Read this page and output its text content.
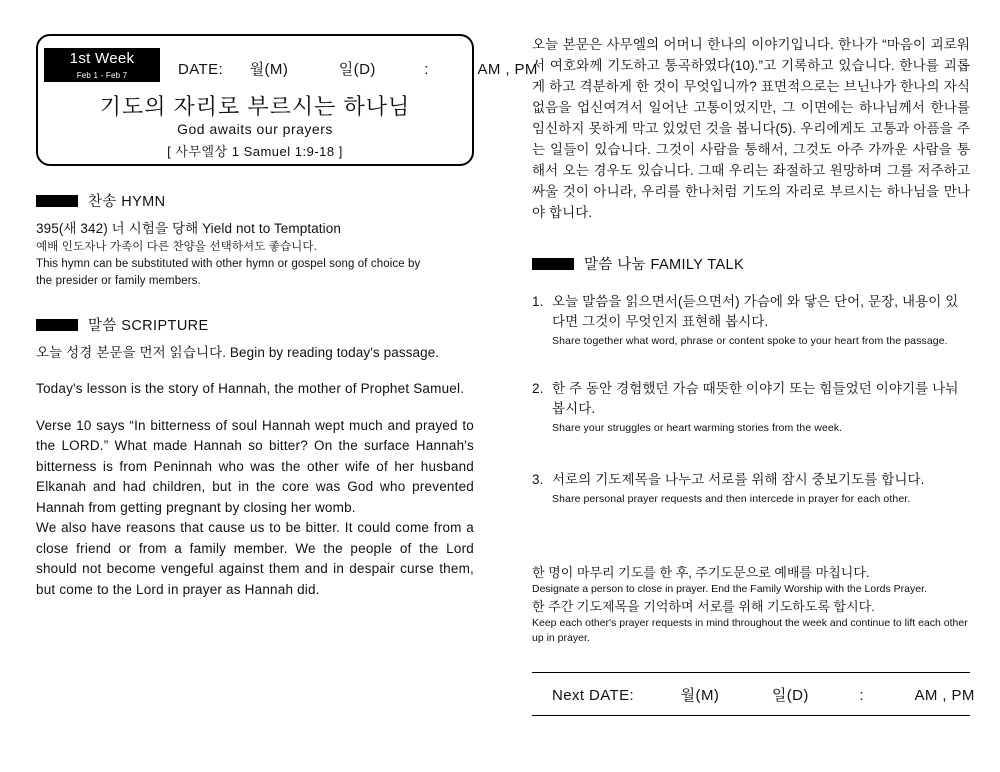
1st Week
Feb 1 - Feb 7	DATE: 월(M)	일(D)	:	AM , PM
기도의 자리로 부르시는 하나님
God awaits our prayers
[ 사무엘상 1 Samuel 1:9-18 ]
찬송 HYMN
395(새 342) 너 시험을 당해 Yield not to Temptation
예배 인도자나 가족이 다른 찬양을 선택하셔도 좋습니다.
This hymn can be substituted with other hymn or gospel song of choice by
the presider or family members.
말씀 SCRIPTURE
오늘 성경 본문을 먼저 읽습니다. Begin by reading today's passage.
Today's lesson is the story of Hannah, the mother of Prophet Samuel.
Verse 10 says “In bitterness of soul Hannah wept much and prayed to the LORD.” What made Hannah so bitter? On the surface Hannah's bitterness is from Peninnah who was the other wife of her husband Elkanah and had children, but in the core was God who prevented Hannah from getting pregnant by closing her womb.
We also have reasons that cause us to be bitter. It could come from a close friend or from a family member. We the people of the Lord should not become vengeful against them and in despair curse them, but come to the Lord in prayer as Hannah did.
오늘 본문은 사무엘의 어머니 한나의 이야기입니다. 한나가 “마음이 괴로워서 여호와께 기도하고 통곡하였다(10).”고 기록하고 있습니다. 한나를 괴롭게 하고 격분하게 한 것이 무엇입니까? 표면적으로는 브닌나가 한나의 자식 없음을 업신여겨서 일어난 고통이었지만, 그 이면에는 하나님께서 한나를 임신하지 못하게 막고 있었던 것을 봅니다(5). 우리에게도 고통과 아픔을 주는 일들이 있습니다. 그것이 사람을 통해서, 그것도 아주 가까운 사람을 통해서 오는 경우도 있습니다. 그때 우리는 좌절하고 원망하며 그를 저주하고 싸울 것이 아니라, 우리를 한나처럼 기도의 자리로 부르시는 하나님을 만나야 합니다.
말씀 나눔 FAMILY TALK
1. 오늘 말씀을 읽으면서(듣으면서) 가슴에 와 닿은 단어, 문장, 내용이 있다면 그것이 무엇인지 표현해 봅시다.
Share together what word, phrase or content spoke to your heart from the passage.
2. 한 주 동안 경험했던 가슴 때뜻한 이야기 또는 힘들었던 이야기를 나눠봅시다.
Share your struggles or heart warming stories from the week.
3. 서로의 기도제목을 나누고 서로를 위해 잠시 중보기도를 합니다.
Share personal prayer requests and then intercede in prayer for each other.
한 명이 마무리 기도를 한 후, 주기도문으로 예배를 마칩니다.
Designate a person to close in prayer. End the Family Worship with the Lords Prayer.
한 주간 기도제목을 기억하며 서로를 위해 기도하도록 합시다.
Keep each other's prayer requests in mind throughout the week and continue to lift each other up in prayer.
Next DATE:	월(M)	일(D)	:	AM , PM
